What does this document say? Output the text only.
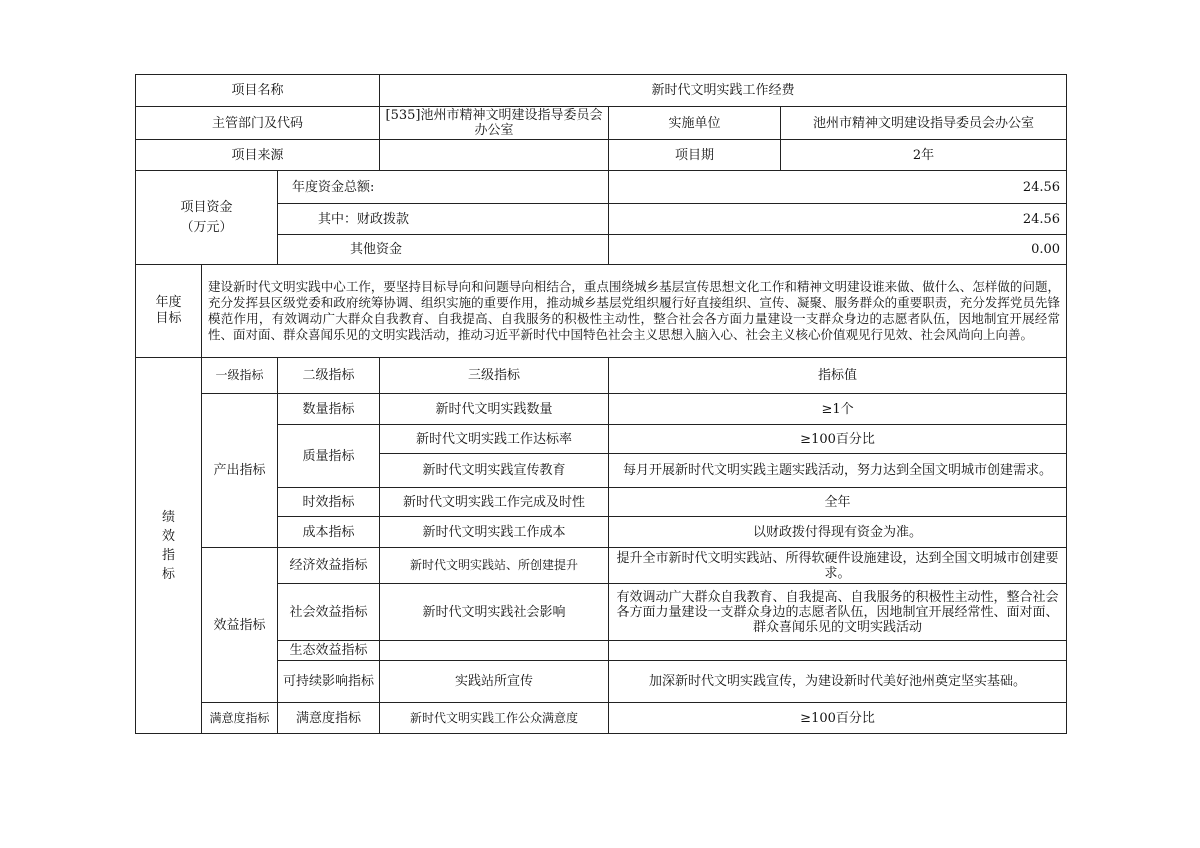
项目名称			新时代文明实践工作经费		
主管部门及代码			[535]池州市精神文明建设指导委员会办公室	实施单位	池州市精神文明建设指导委员会办公室
项目来源				项目期	2年

项目资金
（万元）		年度资金总额:		24.56	
		其中：财政拨款		24.56	
		其他资金		0.00	

年度
目标	建设新时代文明实践中心工作，要坚持目标导向和问题导向相结合，重点围绕城乡基层宣传思想文化工作和精神文明建设谁来做、做什么、怎样做的问题，充分发挥县区级党委和政府统筹协调、组织实施的重要作用，推动城乡基层党组织履行好直接组织、宣传、凝聚、服务群众的重要职责，充分发挥党员先锋模范作用，有效调动广大群众自我教育、自我提高、自我服务的积极性主动性，整合社会各方面力量建设一支群众身边的志愿者队伍，因地制宜开展经常性、面对面、群众喜闻乐见的文明实践活动，推动习近平新时代中国特色社会主义思想入脑入心、社会主义核心价值观见行见效、社会风尚向上向善。				
绩效指标	一级指标	二级指标	三级指标	指标值	
	产出指标	数量指标	新时代文明实践数量	≥1个	
		质量指标	新时代文明实践工作达标率	≥100百分比	
			新时代文明实践宣传教育	每月开展新时代文明实践主题实践活动，努力达到全国文明城市创建需求。	
		时效指标	新时代文明实践工作完成及时性	全年	
		成本指标	新时代文明实践工作成本	以财政拨付得现有资金为准。	
	效益指标	经济效益指标	新时代文明实践站、所创建提升	提升全市新时代文明实践站、所得软硬件设施建设，达到全国文明城市创建要求。	
		社会效益指标	新时代文明实践社会影响	有效调动广大群众自我教育、自我提高、自我服务的积极性主动性，整合社会各方面力量建设一支群众身边的志愿者队伍，因地制宜开展经常性、面对面、群众喜闻乐见的文明实践活动	
		生态效益指标			
		可持续影响指标	实践站所宣传	加深新时代文明实践宣传，为建设新时代美好池州奠定坚实基础。	
	满意度指标	满意度指标	新时代文明实践工作公众满意度	≥100百分比	
